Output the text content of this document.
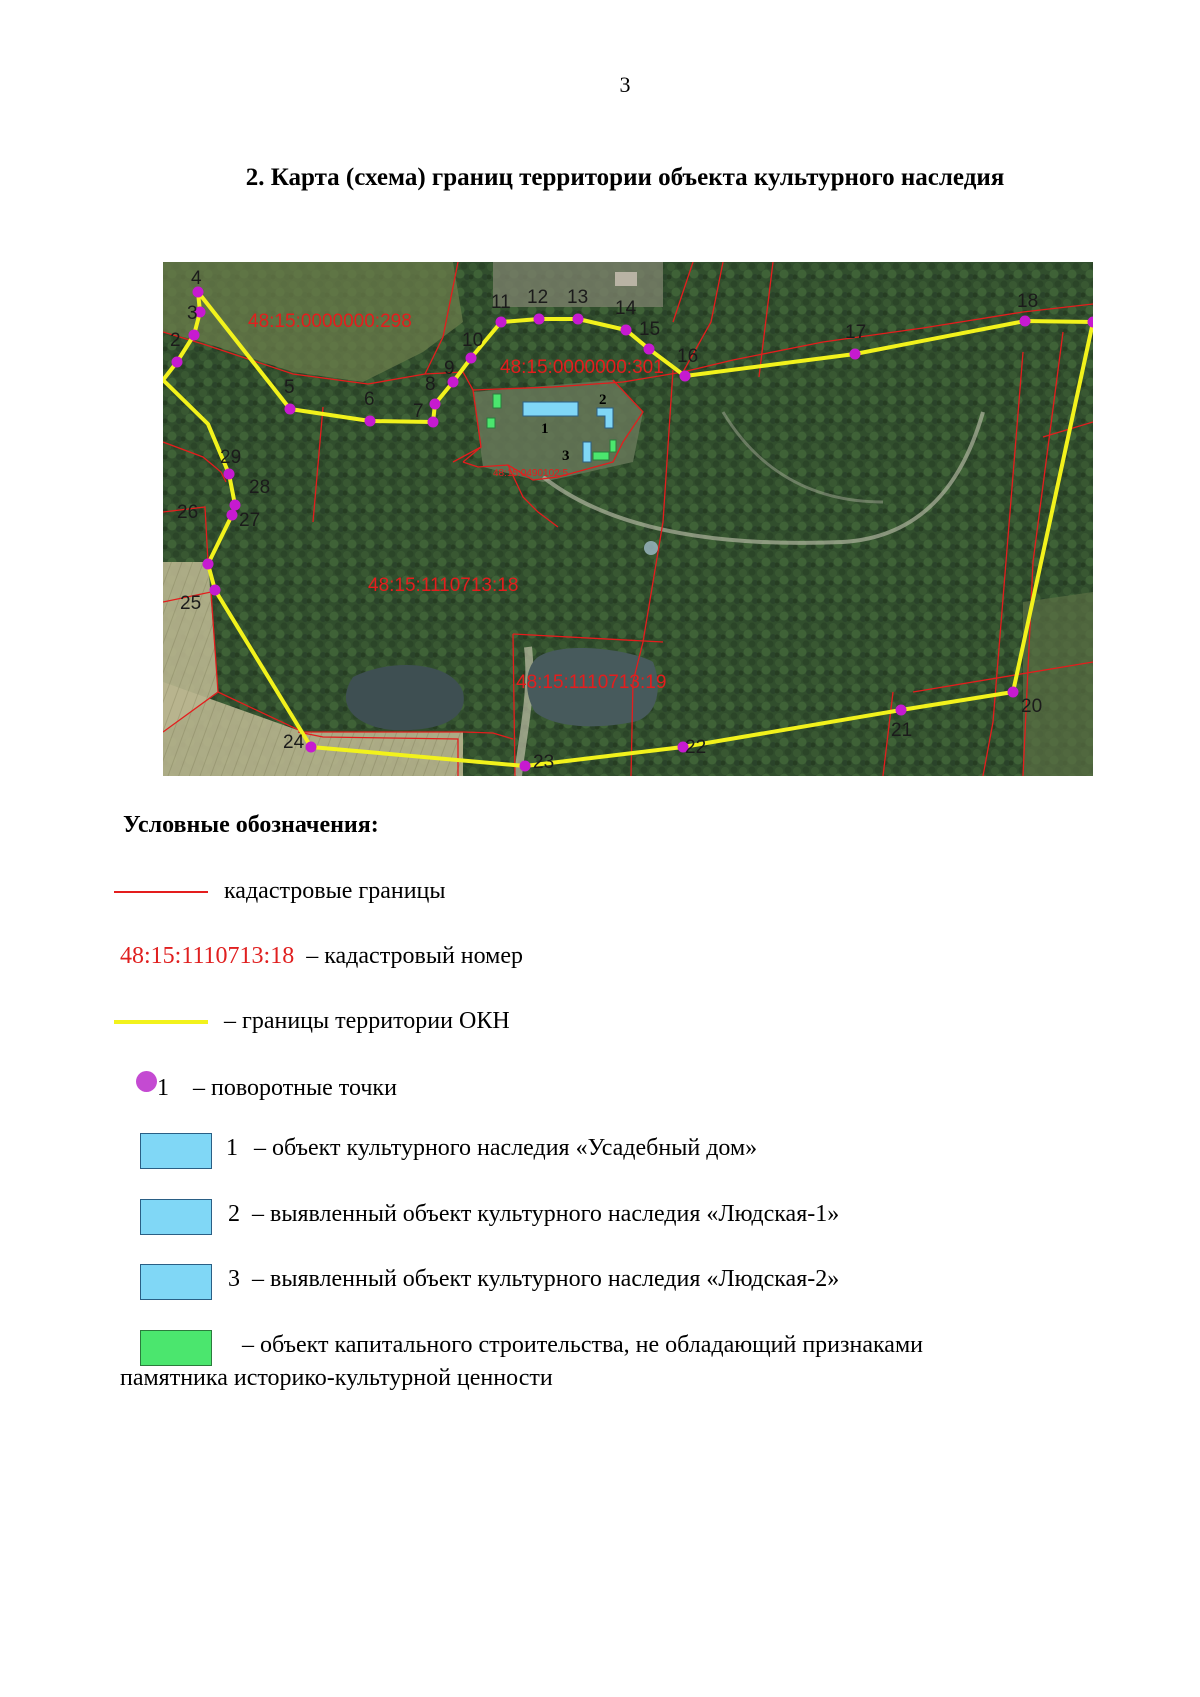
3
2. Карта (схема) границ территории объекта культурного наследия
48:15:0000000:298
48:15:0000000:301
48:15:1110713:18
48:15:1110713:19
48:15:0490102:5
1
2
3
2
3
4
5
6
7
8
9
10
11 12 13
14
15
16
17
18
20
21
22
23
24
25
26 27
28
29
Условные обозначения:
кадастровые границы
48:15:1110713:18 – кадастровый номер
– границы территории ОКН
1 – поворотные точки
1 – объект культурного наследия «Усадебный дом»
2 – выявленный объект культурного наследия «Людская-1»
3 – выявленный объект культурного наследия «Людская-2»
– объект капитального строительства, не обладающий признаками
памятника историко-культурной ценности
